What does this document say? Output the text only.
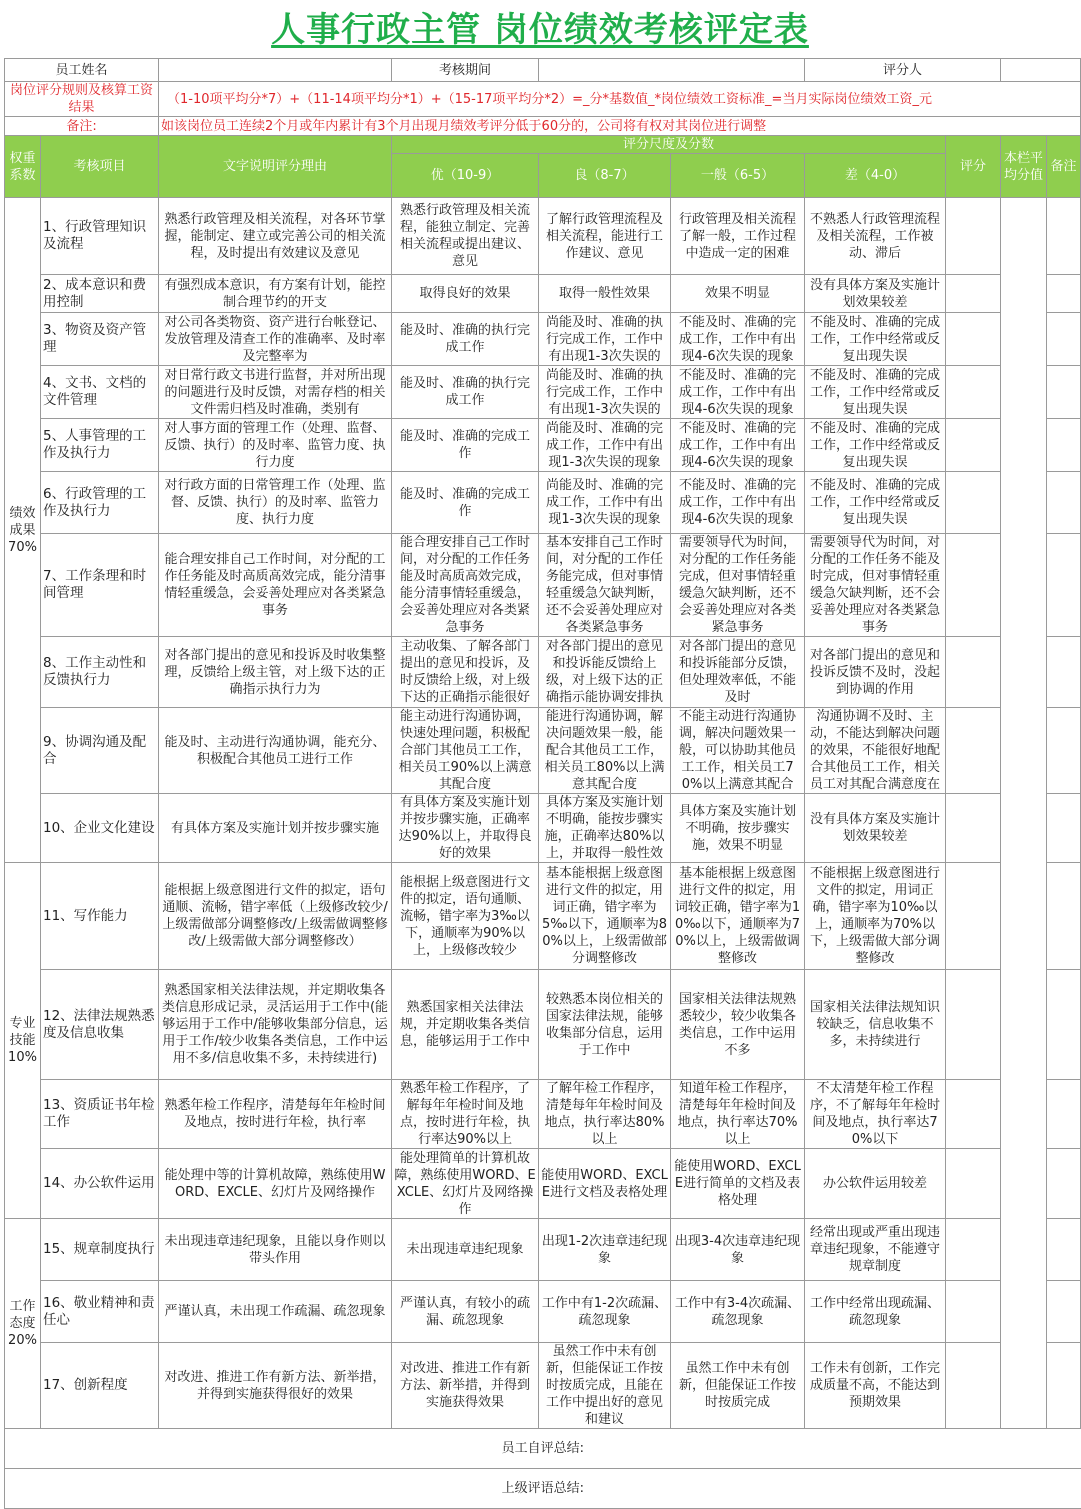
人事行政主管 岗位绩效考核评定表
员工姓名			考核期间			评分人			
岗位评分规则及核算工资结果		（1-10项平均分*7）+（11-14项平均分*1）+（15-17项平均分*2）=_分*基数值_*岗位绩效工资标准_=当月实际岗位绩效工资_元							
备注:		如该岗位员工连续2个月或年内累计有3个月出现月绩效考评分低于60分的，公司将有权对其岗位进行调整							
权重系数	考核项目	文字说明评分理由	评分尺度及分数				评分	本栏平均分值	备注
			优（10-9）	良（8-7）	一般（6-5）	差（4-0）			
绩效成果70%	1、行政管理知识及流程	熟悉行政管理及相关流程，对各环节掌握，能制定、建立或完善公司的相关流程，及时提出有效建议及意见	熟悉行政管理及相关流程，能独立制定、完善相关流程或提出建议、意见	了解行政管理流程及相关流程，能进行工作建议、意见	行政管理及相关流程了解一般，工作过程中造成一定的困难	不熟悉人行政管理流程及相关流程，工作被动、滞后			
	2、成本意识和费用控制	有强烈成本意识，有方案有计划，能控制合理节约的开支	取得良好的效果	取得一般性效果	效果不明显	没有具体方案及实施计划效果较差			
	3、物资及资产管理	对公司各类物资、资产进行台帐登记、发放管理及清查工作的准确率、及时率及完整率为	能及时、准确的执行完成工作	尚能及时、准确的执行完成工作，工作中有出现1-3次失误的	不能及时、准确的完成工作，工作中有出现4-6次失误的现象	不能及时、准确的完成工作，工作中经常或反复出现失误			
	4、文书、文档的文件管理	对日常行政文书进行监督，并对所出现的问题进行及时反馈，对需存档的相关文件需归档及时准确，类别有	能及时、准确的执行完成工作	尚能及时、准确的执行完成工作，工作中有出现1-3次失误的	不能及时、准确的完成工作，工作中有出现4-6次失误的现象	不能及时、准确的完成工作，工作中经常或反复出现失误			
	5、人事管理的工作及执行力	对人事方面的管理工作（处理、监督、反馈、执行）的及时率、监管力度、执行力度	能及时、准确的完成工作	尚能及时、准确的完成工作，工作中有出现1-3次失误的现象	不能及时、准确的完成工作，工作中有出现4-6次失误的现象	不能及时、准确的完成工作，工作中经常或反复出现失误			
	6、行政管理的工作及执行力	对行政方面的日常管理工作（处理、监督、反馈、执行）的及时率、监管力度、执行力度	能及时、准确的完成工作	尚能及时、准确的完成工作，工作中有出现1-3次失误的现象	不能及时、准确的完成工作，工作中有出现4-6次失误的现象	不能及时、准确的完成工作，工作中经常或反复出现失误			
	7、工作条理和时间管理	能合理安排自己工作时间，对分配的工作任务能及时高质高效完成，能分清事情轻重缓急，会妥善处理应对各类紧急事务	能合理安排自己工作时间，对分配的工作任务能及时高质高效完成，能分清事情轻重缓急，会妥善处理应对各类紧急事务	基本安排自己工作时间，对分配的工作任务能完成，但对事情轻重缓急欠缺判断，还不会妥善处理应对各类紧急事务	需要领导代为时间，对分配的工作任务能完成，但对事情轻重缓急欠缺判断，还不会妥善处理应对各类紧急事务	需要领导代为时间，对分配的工作任务不能及时完成，但对事情轻重缓急欠缺判断，还不会妥善处理应对各类紧急事务			
	8、工作主动性和反馈执行力	对各部门提出的意见和投诉及时收集整理，反馈给上级主管，对上级下达的正确指示执行力为	主动收集、了解各部门提出的意见和投诉，及时反馈给上级，对上级下达的正确指示能很好	对各部门提出的意见和投诉能反馈给上级，对上级下达的正确指示能协调安排执	对各部门提出的意见和投诉能部分反馈，但处理效率低，不能及时	对各部门提出的意见和投诉反馈不及时，没起到协调的作用			
	9、协调沟通及配合	能及时、主动进行沟通协调，能充分、积极配合其他员工进行工作	能主动进行沟通协调，快速处理问题，积极配合部门其他员工工作，相关员工90%以上满意其配合度	能进行沟通协调，解决问题效果一般，能配合其他员工工作，相关员工80%以上满意其配合度	不能主动进行沟通协调，解决问题效果一般，可以协助其他员工工作，相关员工70%以上满意其配合	沟通协调不及时、主动，不能达到解决问题的效果，不能很好地配合其他员工工作，相关员工对其配合满意度在			
	10、企业文化建设	有具体方案及实施计划并按步骤实施	有具体方案及实施计划并按步骤实施，正确率达90%以上，并取得良好的效果	具体方案及实施计划不明确，能按步骤实施，正确率达80%以上，并取得一般性效	具体方案及实施计划不明确，按步骤实施，效果不明显	没有具体方案及实施计划效果较差			
专业技能10%	11、写作能力	能根据上级意图进行文件的拟定，语句通顺、流畅，错字率低（上级修改较少/上级需做部分调整修改/上级需做调整修改/上级需做大部分调整修改）	能根据上级意图进行文件的拟定，语句通顺、流畅，错字率为3‰以下，通顺率为90%以上，上级修改较少	基本能根据上级意图进行文件的拟定，用词正确，错字率为5‰以下，通顺率为80%以上，上级需做部分调整修改	基本能根据上级意图进行文件的拟定，用词较正确，错字率为10‰以下，通顺率为70%以上，上级需做调整修改	不能根据上级意图进行文件的拟定，用词正确，错字率为10‰以上，通顺率为70%以下，上级需做大部分调整修改			
	12、法律法规熟悉度及信息收集	熟悉国家相关法律法规，并定期收集各类信息形成记录，灵活运用于工作中(能够运用于工作中/能够收集部分信息，运用于工作/较少收集各类信息，工作中运用不多/信息收集不多，未持续进行)	熟悉国家相关法律法规，并定期收集各类信息，能够运用于工作中	较熟悉本岗位相关的国家法律法规，能够收集部分信息，运用于工作中	国家相关法律法规熟悉较少，较少收集各类信息，工作中运用不多	国家相关法律法规知识较缺乏，信息收集不多，未持续进行			
	13、资质证书年检工作	熟悉年检工作程序，清楚每年年检时间及地点，按时进行年检，执行率	熟悉年检工作程序，了解每年年检时间及地点，按时进行年检，执行率达90%以上	了解年检工作程序，清楚每年年检时间及地点，执行率达80%以上	知道年检工作程序，清楚每年年检时间及地点，执行率达70%以上	不太清楚年检工作程序，不了解每年年检时间及地点，执行率达70%以下			
	14、办公软件运用	能处理中等的计算机故障，熟练使用WORD、EXCLE、幻灯片及网络操作	能处理简单的计算机故障，熟练使用WORD、EXCLE、幻灯片及网络操作	能使用WORD、EXCLE进行文档及表格处理	能使用WORD、EXCLE进行简单的文档及表格处理	办公软件运用较差			
工作态度20%	15、规章制度执行	未出现违章违纪现象，且能以身作则以带头作用	未出现违章违纪现象	出现1-2次违章违纪现象	出现3-4次违章违纪现象	经常出现或严重出现违章违纪现象，不能遵守规章制度			
	16、敬业精神和责任心	严谨认真，未出现工作疏漏、疏忽现象	严谨认真，有较小的疏漏、疏忽现象	工作中有1-2次疏漏、疏忽现象	工作中有3-4次疏漏、疏忽现象	工作中经常出现疏漏、疏忽现象			
	17、创新程度	对改进、推进工作有新方法、新举措，并得到实施获得很好的效果	对改进、推进工作有新方法、新举措，并得到实施获得效果	虽然工作中未有创新，但能保证工作按时按质完成，且能在工作中提出好的意见和建议	虽然工作中未有创新，但能保证工作按时按质完成	工作未有创新，工作完成质量不高，不能达到预期效果			
员工自评总结:									
上级评语总结:									
